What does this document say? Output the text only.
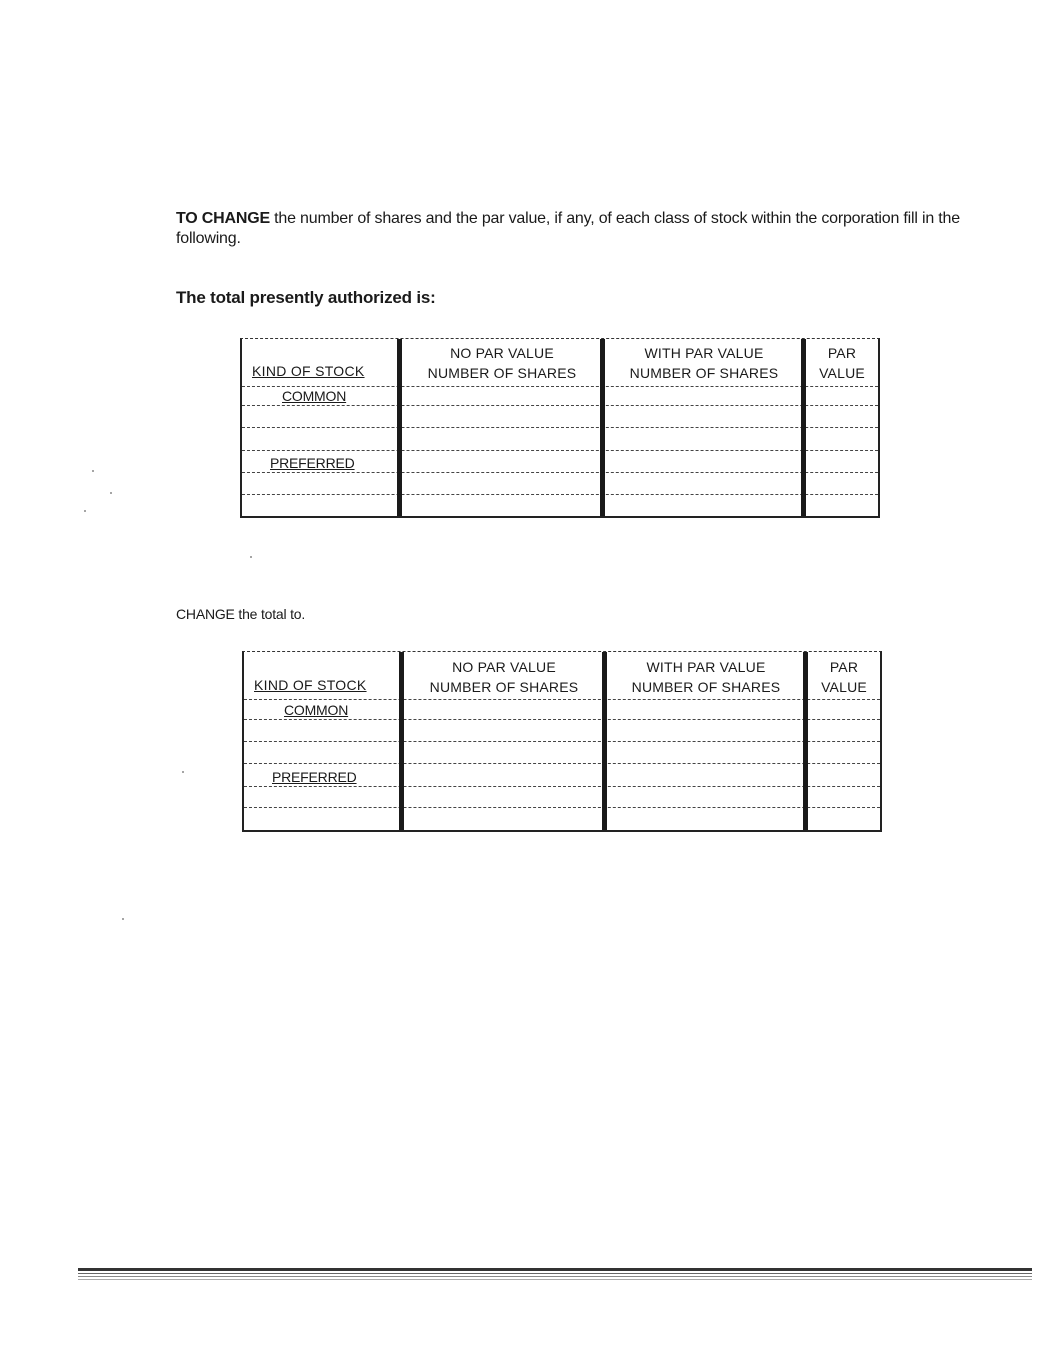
TO CHANGE the number of shares and the par value, if any, of each class of stock within the corporation fill in the following.
The total presently authorized is:
KIND OF STOCK
NO PAR VALUE
NUMBER OF SHARES
WITH PAR VALUE
NUMBER OF SHARES
PAR
VALUE
COMMON
PREFERRED
CHANGE the total to.
KIND OF STOCK
NO PAR VALUE
NUMBER OF SHARES
WITH PAR VALUE
NUMBER OF SHARES
PAR
VALUE
COMMON
PREFERRED
